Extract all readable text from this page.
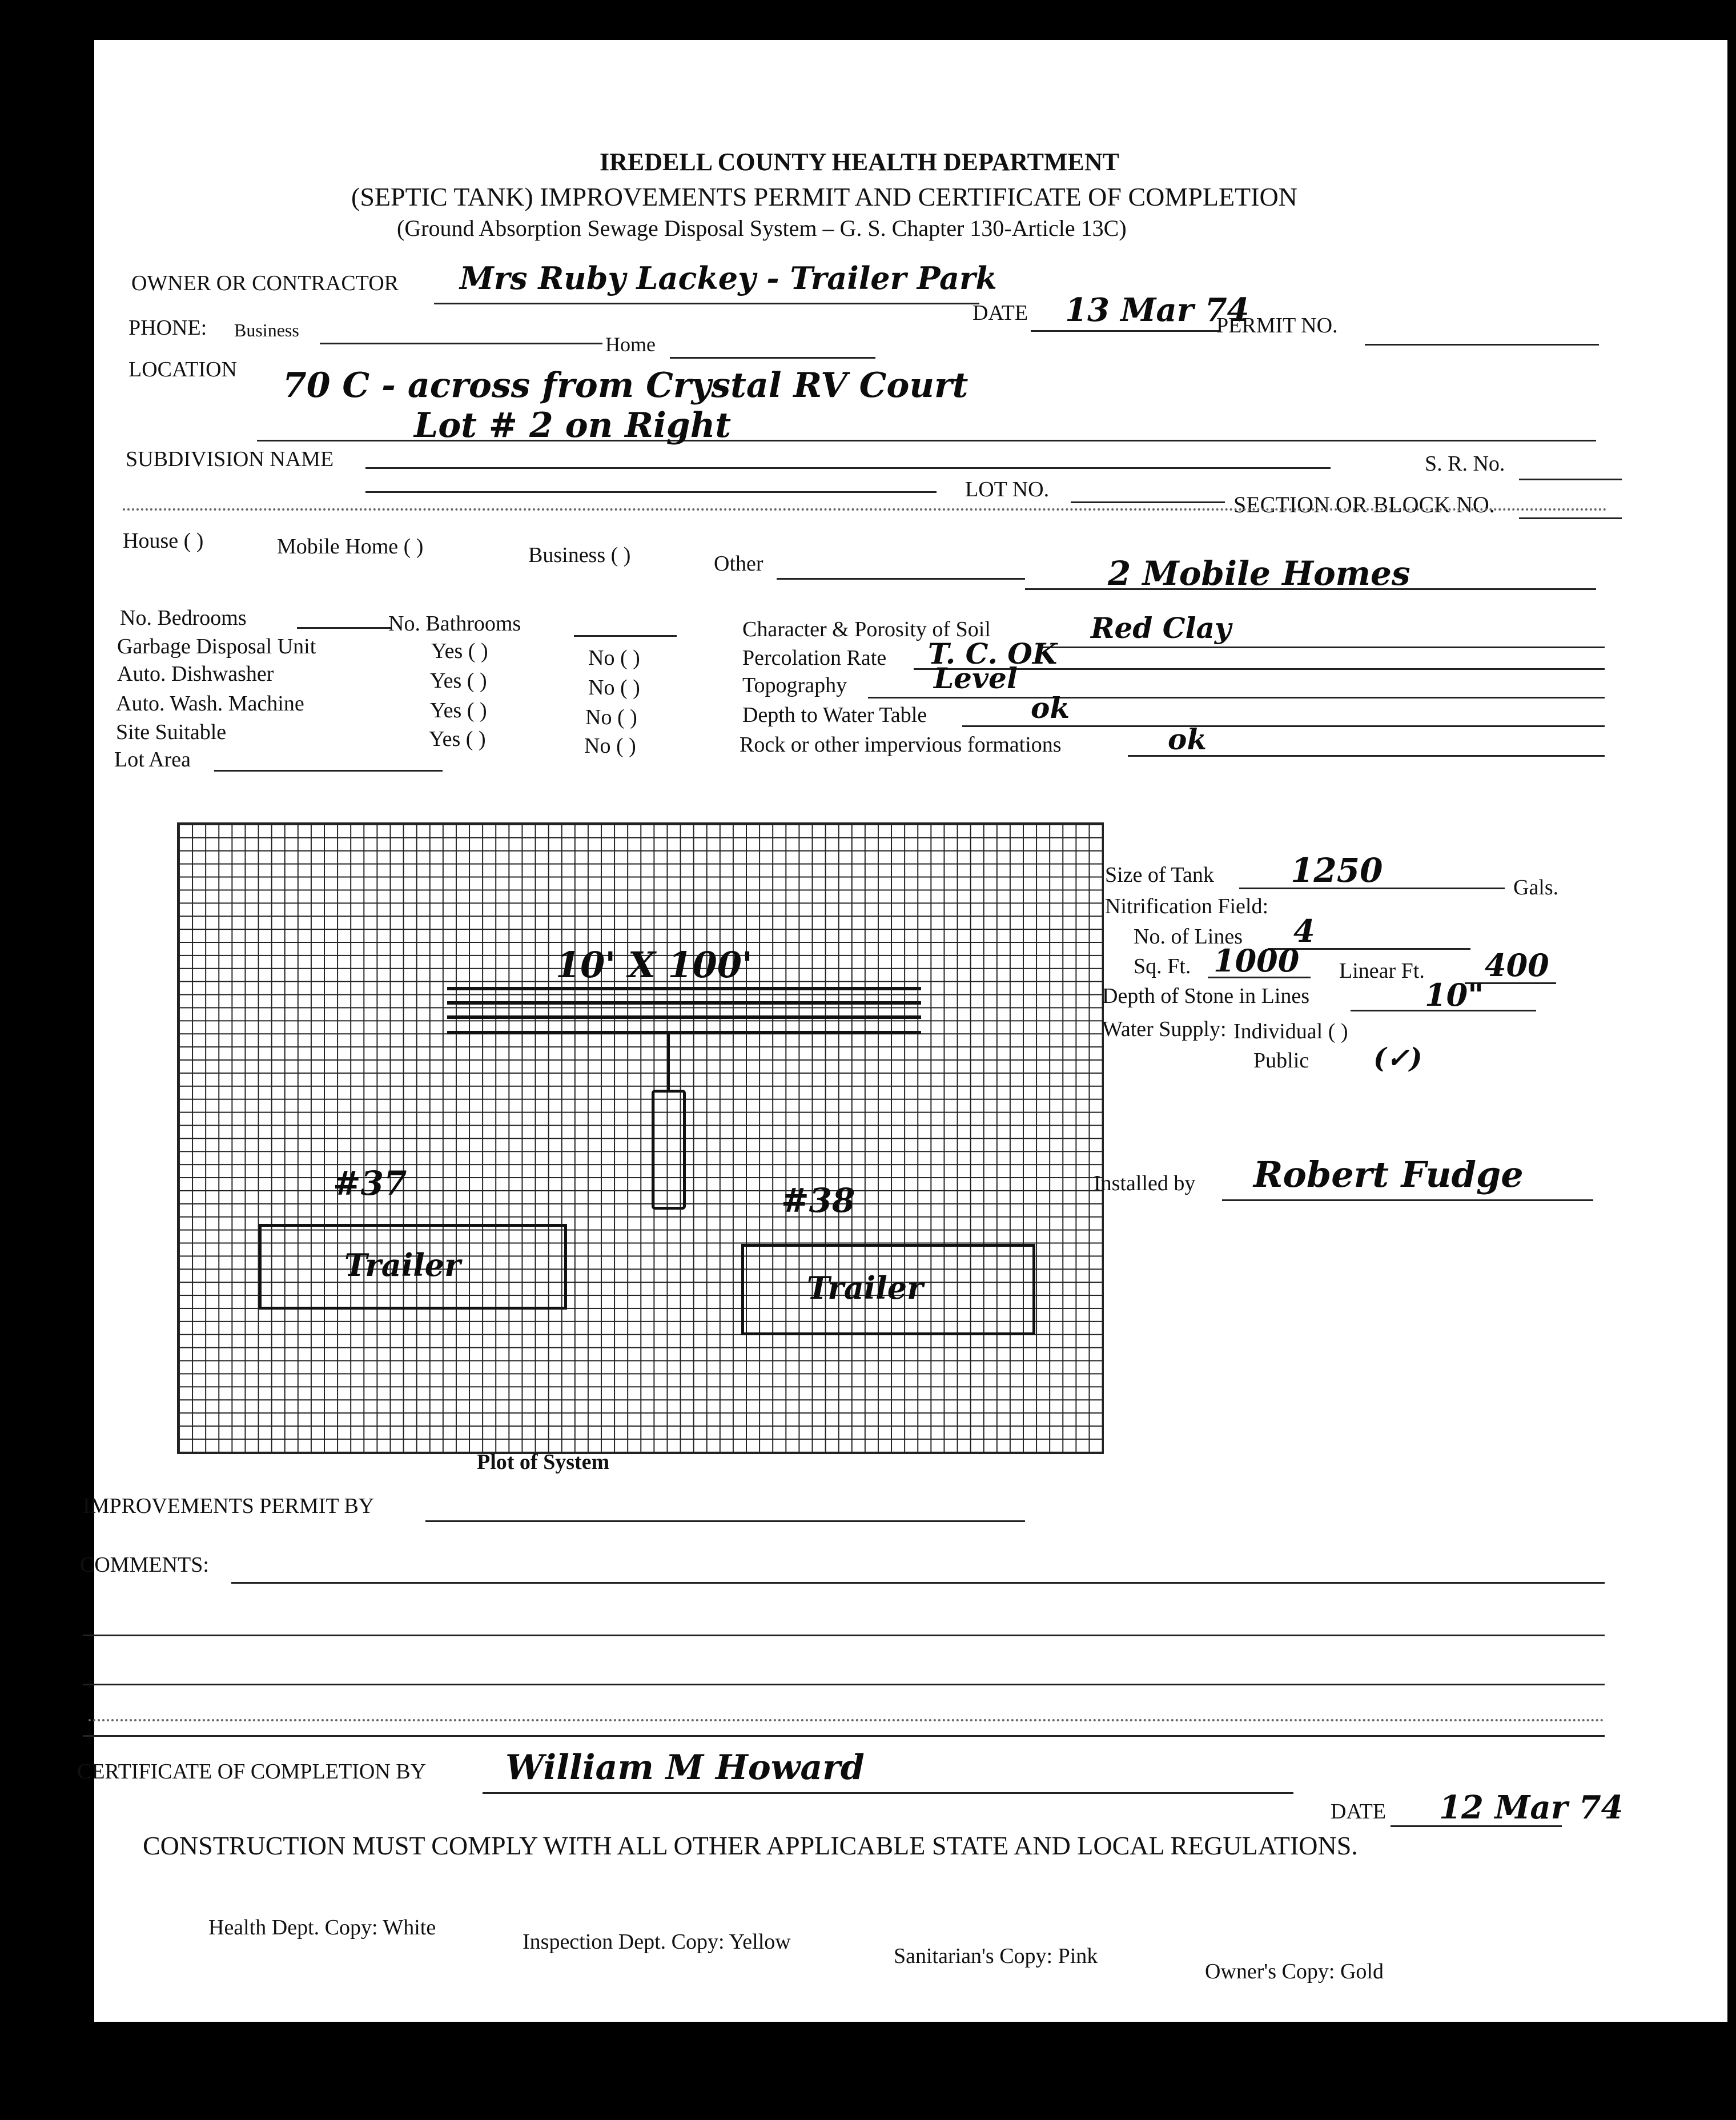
IREDELL COUNTY HEALTH DEPARTMENT
(SEPTIC TANK) IMPROVEMENTS PERMIT AND CERTIFICATE OF COMPLETION
(Ground Absorption Sewage Disposal System – G. S. Chapter 130-Article 13C)
OWNER OR CONTRACTOR Mrs Ruby Lackey - Trailer Park
DATE 13 Mar 74
PERMIT NO.
PHONE: Business
Home
LOCATION 70 C - across from Crystal RV Court
Lot # 2 on Right
SUBDIVISION NAME	S. R. No.
LOT NO.
SECTION OR BLOCK NO.
House ( )	Mobile Home ( )	Business ( )	Other	2 Mobile Homes
No. Bedrooms	No. Bathrooms
Garbage Disposal Unit	Yes ( )	No ( )
Auto. Dishwasher	Yes ( )	No ( )
Auto. Wash. Machine	Yes ( )	No ( )
Site Suitable	Yes ( )	No ( )
Lot Area
Character & Porosity of Soil	Red Clay
Percolation Rate T. C. OK
Topography	Level
Depth to Water Table	ok
Rock or other impervious formations	ok
10' X 100'
#37
Trailer
#38
Trailer
Plot of System
Size of Tank 1250	Gals.
Nitrification Field:
No. of Lines 4
Sq. Ft. 1000 Linear Ft. 400
Depth of Stone in Lines	10"
Water Supply: Individual ( )
Public (✓)
Installed by Robert Fudge
IMPROVEMENTS PERMIT BY
COMMENTS:
CERTIFICATE OF COMPLETION BY William M Howard
DATE 12 Mar 74
CONSTRUCTION MUST COMPLY WITH ALL OTHER APPLICABLE STATE AND LOCAL REGULATIONS.
Health Dept. Copy: White
Inspection Dept. Copy: Yellow
Sanitarian's Copy: Pink
Owner's Copy: Gold
